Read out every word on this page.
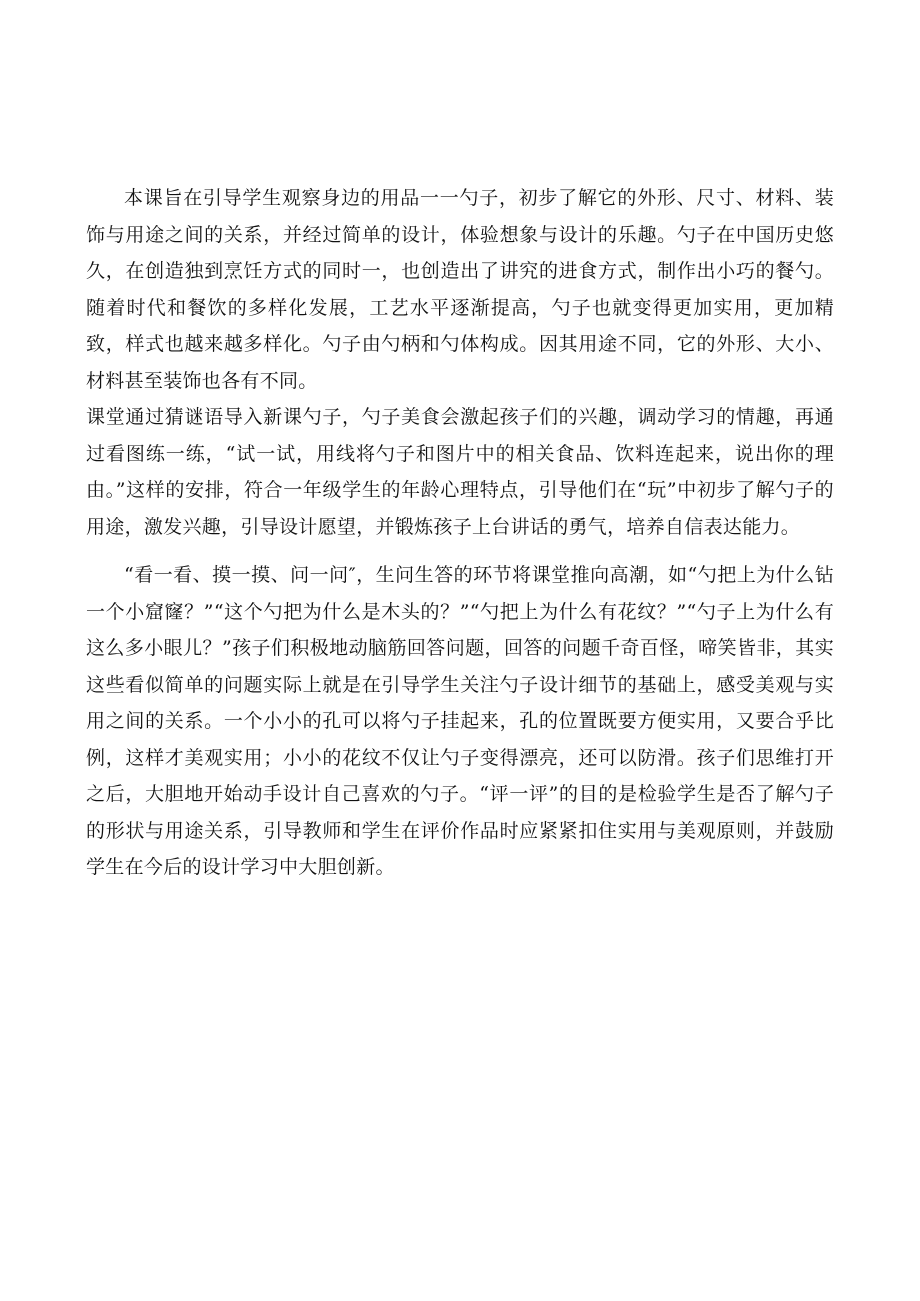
本课旨在引导学生观察身边的用品一一勺子，初步了解它的外形、尺寸、材料、装饰与用途之间的关系，并经过简单的设计，体验想象与设计的乐趣。勺子在中国历史悠久，在创造独到烹饪方式的同时一，也创造出了讲究的进食方式，制作出小巧的餐勺。随着时代和餐饮的多样化发展，工艺水平逐渐提高，勺子也就变得更加实用，更加精致，样式也越来越多样化。勺子由勺柄和勺体构成。因其用途不同，它的外形、大小、材料甚至装饰也各有不同。

课堂通过猜谜语导入新课勺子，勺子美食会激起孩子们的兴趣，调动学习的情趣，再通过看图练一练，“试一试，用线将勺子和图片中的相关食品、饮料连起来，说出你的理由。”这样的安排，符合一年级学生的年龄心理特点，引导他们在“玩”中初步了解勺子的用途，激发兴趣，引导设计愿望，并锻炼孩子上台讲话的勇气，培养自信表达能力。

“看一看、摸一摸、问一问″，生问生答的环节将课堂推向高潮，如“勺把上为什么钻一个小窟窿？”“这个勺把为什么是木头的？”“勺把上为什么有花纹？”“勺子上为什么有这么多小眼儿？”孩子们积极地动脑筋回答问题，回答的问题千奇百怪，啼笑皆非，其实这些看似简单的问题实际上就是在引导学生关注勺子设计细节的基础上，感受美观与实用之间的关系。一个小小的孔可以将勺子挂起来，孔的位置既要方便实用，又要合乎比例，这样才美观实用；小小的花纹不仅让勺子变得漂亮，还可以防滑。孩子们思维打开之后，大胆地开始动手设计自己喜欢的勺子。“评一评”的目的是检验学生是否了解勺子的形状与用途关系，引导教师和学生在评价作品时应紧紧扣住实用与美观原则，并鼓励学生在今后的设计学习中大胆创新。
